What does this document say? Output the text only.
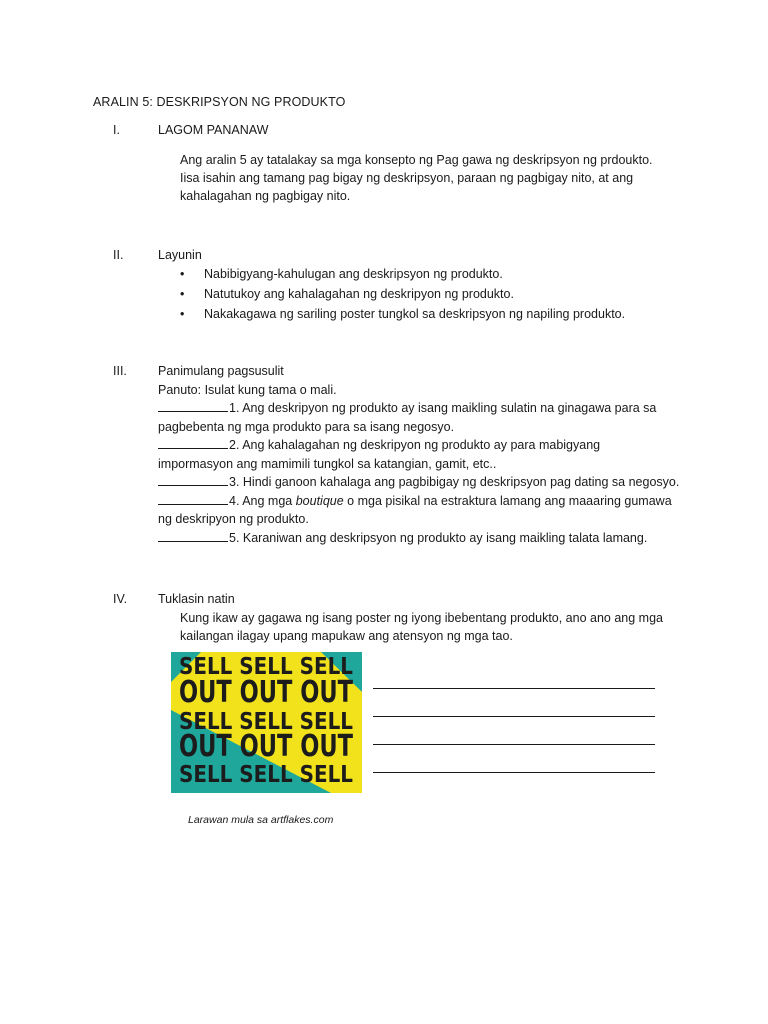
ARALIN 5: DESKRIPSYON NG PRODUKTO
I.	LAGOM PANANAW
Ang aralin 5 ay tatalakay sa mga konsepto ng Pag gawa ng deskripsyon ng prdoukto. Iisa isahin ang tamang pag bigay ng deskripsyon, paraan ng pagbigay nito, at ang kahalagahan ng pagbigay nito.
II.	Layunin
• Nabibigyang-kahulugan ang deskripsyon ng produkto.
• Natutukoy ang kahalagahan ng deskripyon ng produkto.
• Nakakagawa ng sariling poster tungkol sa deskripsyon ng napiling produkto.
III. Panimulang pagsusulit
Panuto: Isulat kung tama o mali.
1. Ang deskripyon ng produkto ay isang maikling sulatin na ginagawa para sa
pagbebenta ng mga produkto para sa isang negosyo.
2. Ang kahalagahan ng deskripyon ng produkto ay para mabigyang
impormasyon ang mamimili tungkol sa katangian, gamit, etc..
3. Hindi ganoon kahalaga ang pagbibigay ng deskripsyon pag dating sa negosyo.
4. Ang mga boutique o mga pisikal na estraktura lamang ang maaaring gumawa
ng deskripyon ng produkto.
5. Karaniwan ang deskripsyon ng produkto ay isang maikling talata lamang.
IV. Tuklasin natin
Kung ikaw ay gagawa ng isang poster ng iyong ibebentang produkto, ano ano ang mga kailangan ilagay upang mapukaw ang atensyon ng mga tao.
SELL SELL SELL
OUT OUT OUT
SELL SELL SELL
OUT OUT OUT
SELL SELL SELL
Larawan mula sa artflakes.com
